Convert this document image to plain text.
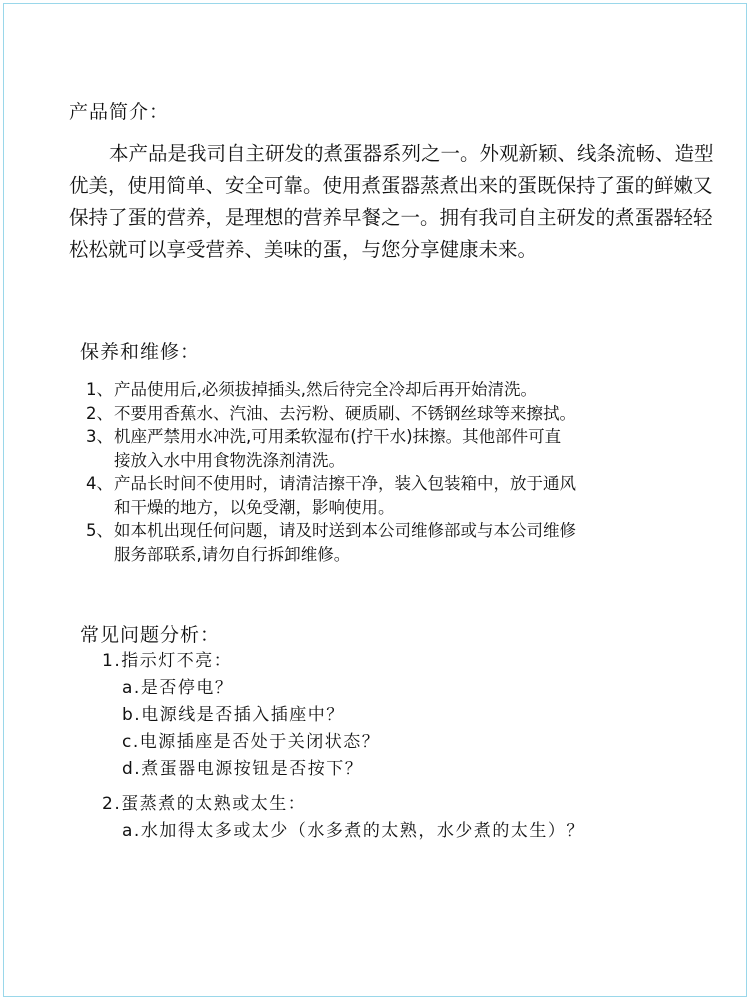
产品简介：

本产品是我司自主研发的煮蛋器系列之一。外观新颖、线条流畅、造型优美，使用简单、安全可靠。使用煮蛋器蒸煮出来的蛋既保持了蛋的鲜嫩又保持了蛋的营养，是理想的营养早餐之一。拥有我司自主研发的煮蛋器轻轻松松就可以享受营养、美味的蛋，与您分享健康未来。

保养和维修：
1、产品使用后,必须拔掉插头,然后待完全冷却后再开始清洗。
2、不要用香蕉水、汽油、去污粉、硬质刷、不锈钢丝球等来擦拭。
3、机座严禁用水冲洗,可用柔软湿布(拧干水)抹擦。其他部件可直
接放入水中用食物洗涤剂清洗。
4、产品长时间不使用时，请清洁擦干净，装入包装箱中，放于通风
和干燥的地方，以免受潮，影响使用。
5、如本机出现任何问题，请及时送到本公司维修部或与本公司维修
服务部联系,请勿自行拆卸维修。
常见问题分析：

1.指示灯不亮：

a.是否停电？
b.电源线是否插入插座中？
c.电源插座是否处于关闭状态？
d.煮蛋器电源按钮是否按下？

2.蛋蒸煮的太熟或太生：

a.水加得太多或太少（水多煮的太熟，水少煮的太生）？
